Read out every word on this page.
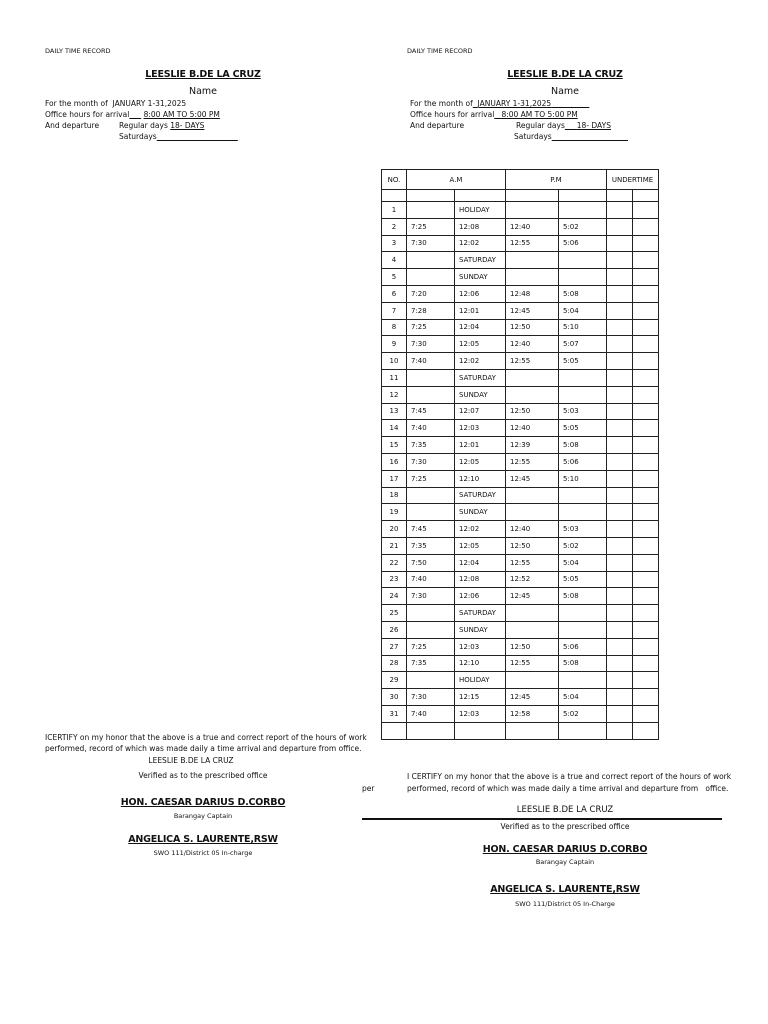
DAILY TIME RECORD
LEESLIE B.DE LA CRUZ
Name
For the month of JANUARY 1-31,2025
Office hours for arrival 8:00 AM TO 5:00 PM
And departure	Regular days 18- DAYS
Saturdays
ICERTIFY on my honor that the above is a true and correct report of the hours of work
performed, record of which was made daily a time arrival and departure from office.
LEESLIE B.DE LA CRUZ
Verified as to the prescribed office
HON. CAESAR DARIUS D.CORBO
Barangay Captain
ANGELICA S. LAURENTE,RSW
SWO 111/District 05 In-charge
DAILY TIME RECORD
LEESLIE B.DE LA CRUZ
Name
For the month of JANUARY 1-31,2025
Office hours for arrival 8:00 AM TO 5:00 PM
And departure	Regular days 18- DAYS
Saturdays
NO.	A.M		P.M		UNDERTIME	

1		HOLIDAY				
2	7:25	12:08	12:40	5:02		
3	7:30	12:02	12:55	5:06		
4		SATURDAY				
5		SUNDAY				
6	7:20	12:06	12:48	5:08		
7	7:28	12:01	12:45	5:04		
8	7:25	12:04	12:50	5:10		
9	7:30	12:05	12:40	5:07		
10	7:40	12:02	12:55	5:05		
11		SATURDAY				
12		SUNDAY				
13	7:45	12:07	12:50	5:03		
14	7:40	12:03	12:40	5:05		
15	7:35	12:01	12:39	5:08		
16	7:30	12:05	12:55	5:06		
17	7:25	12:10	12:45	5:10		
18		SATURDAY				
19		SUNDAY				
20	7:45	12:02	12:40	5:03		
21	7:35	12:05	12:50	5:02		
22	7:50	12:04	12:55	5:04		
23	7:40	12:08	12:52	5:05		
24	7:30	12:06	12:45	5:08		
25		SATURDAY				
26		SUNDAY				
27	7:25	12:03	12:50	5:06		
28	7:35	12:10	12:55	5:08		
29		HOLIDAY				
30	7:30	12:15	12:45	5:04		
31	7:40	12:03	12:58	5:02		

per
I CERTIFY on my honor that the above is a true and correct report of the hours of work
performed, record of which was made daily a time arrival and departure from office.
LEESLIE B.DE LA CRUZ
Verified as to the prescribed office
HON. CAESAR DARIUS D.CORBO
Barangay Captain
ANGELICA S. LAURENTE,RSW
SWO 111/District 05 In-Charge
